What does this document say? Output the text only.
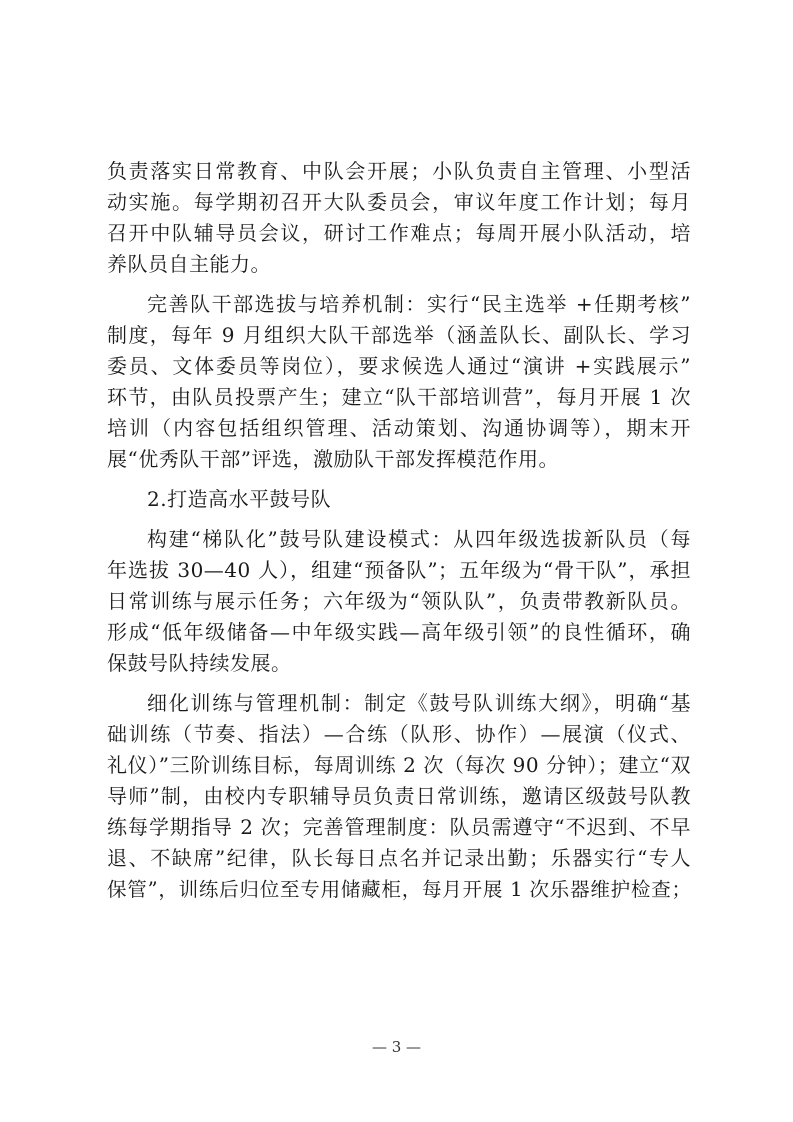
负责落实日常教育、中队会开展；小队负责自主管理、小型活
动实施。每学期初召开大队委员会，审议年度工作计划；每月
召开中队辅导员会议，研讨工作难点；每周开展小队活动，培
养队员自主能力。
完善队干部选拔与培养机制：实行“民主选举 +任期考核”
制度，每年 9 月组织大队干部选举（涵盖队长、副队长、学习
委员、文体委员等岗位），要求候选人通过“演讲 +实践展示”
环节，由队员投票产生；建立“队干部培训营”，每月开展 1 次
培训（内容包括组织管理、活动策划、沟通协调等），期末开
展“优秀队干部”评选，激励队干部发挥模范作用。
2.打造高水平鼓号队
构建“梯队化”鼓号队建设模式：从四年级选拔新队员（每
年选拔 30—40 人），组建“预备队”；五年级为“骨干队”，承担
日常训练与展示任务；六年级为“领队队”，负责带教新队员。
形成“低年级储备—中年级实践—高年级引领”的良性循环，确
保鼓号队持续发展。
细化训练与管理机制：制定《鼓号队训练大纲》，明确“基
础训练（节奏、指法）—合练（队形、协作）—展演（仪式、
礼仪）”三阶训练目标，每周训练 2 次（每次 90 分钟）；建立“双
导师”制，由校内专职辅导员负责日常训练，邀请区级鼓号队教
练每学期指导 2 次；完善管理制度：队员需遵守“不迟到、不早
退、不缺席”纪律，队长每日点名并记录出勤；乐器实行“专人
保管”，训练后归位至专用储藏柜，每月开展 1 次乐器维护检查；
— 3 —
